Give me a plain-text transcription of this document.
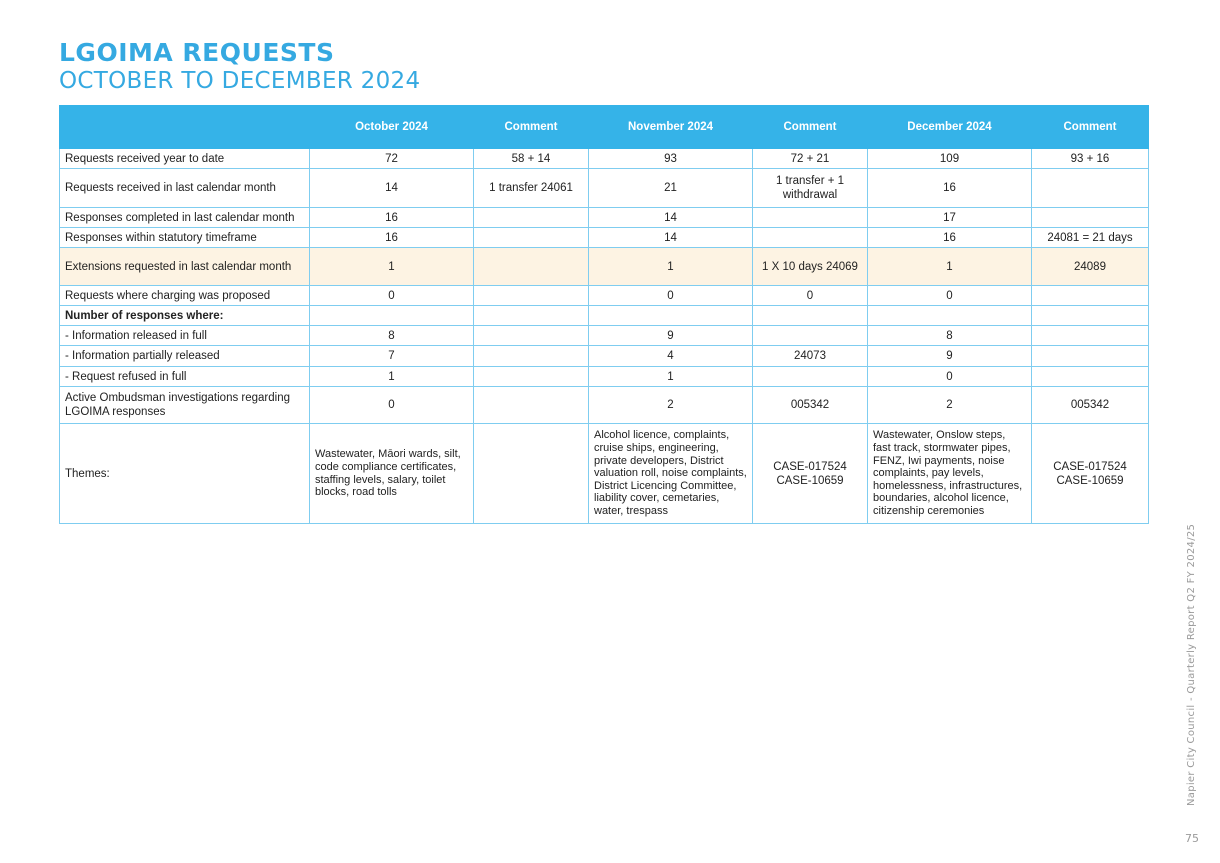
LGOIMA REQUESTS
OCTOBER TO DECEMBER 2024
	October 2024	Comment	November 2024	Comment	December 2024	Comment
Requests received year to date	72	58 + 14	93	72 + 21	109	93 + 16
Requests received in last calendar month	14	1 transfer 24061	21	1 transfer + 1 withdrawal	16	
Responses completed in last calendar month	16		14		17	
Responses within statutory timeframe	16		14		16	24081 = 21 days
Extensions requested in last calendar month	1		1	1 X 10 days 24069	1	24089
Requests where charging was proposed	0		0	0	0	
Number of responses where:						
- Information released in full	8		9		8	
- Information partially released	7		4	24073	9	
- Request refused in full	1		1		0	
Active Ombudsman investigations regarding LGOIMA responses	0		2	005342	2	005342
Themes:	Wastewater, Māori wards, silt, code compliance certificates, staffing levels, salary, toilet blocks, road tolls		Alcohol licence, complaints, cruise ships, engineering, private developers, District valuation roll, noise complaints, District Licencing Committee, liability cover, cemetaries, water, trespass	CASE-017524 CASE-10659	Wastewater, Onslow steps, fast track, stormwater pipes, FENZ, Iwi payments, noise complaints, pay levels, homelessness, infrastructures, boundaries, alcohol licence, citizenship ceremonies	CASE-017524 CASE-10659
Napier City Council - Quarterly Report Q2 FY 2024/25
75
